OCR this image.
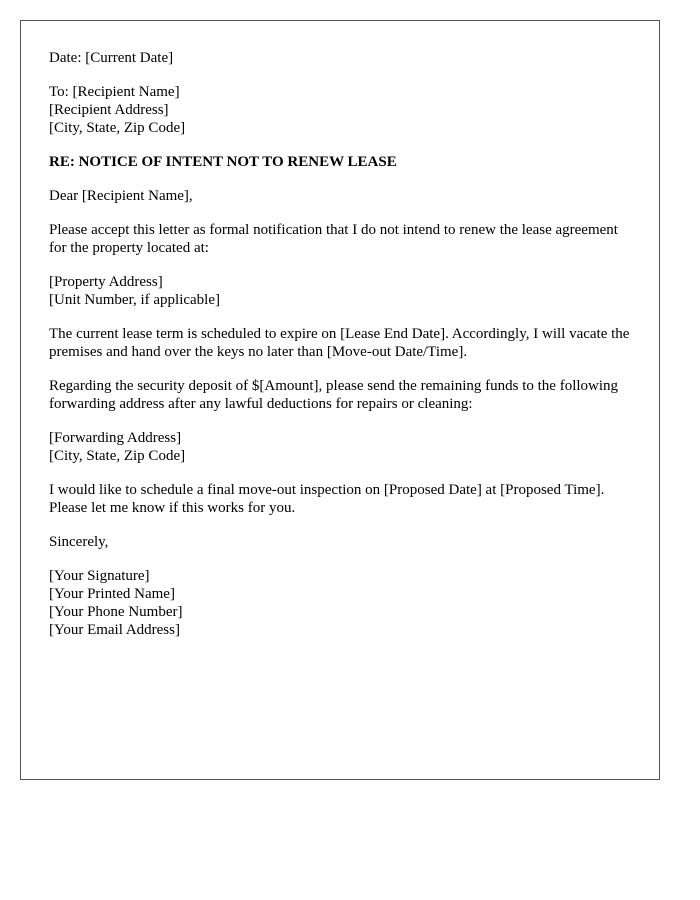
Date: [Current Date]
To: [Recipient Name]
[Recipient Address]
[City, State, Zip Code]
RE: NOTICE OF INTENT NOT TO RENEW LEASE

Dear [Recipient Name],

Please accept this letter as formal notification that I do not intend to renew the lease agreement for the property located at:

[Property Address]
[Unit Number, if applicable]

The current lease term is scheduled to expire on [Lease End Date]. Accordingly, I will vacate the premises and hand over the keys no later than [Move-out Date/Time].

Regarding the security deposit of $[Amount], please send the remaining funds to the following forwarding address after any lawful deductions for repairs or cleaning:

[Forwarding Address]
[City, State, Zip Code]

I would like to schedule a final move-out inspection on [Proposed Date] at [Proposed Time]. Please let me know if this works for you.

Sincerely,

[Your Signature]
[Your Printed Name]
[Your Phone Number]
[Your Email Address]
